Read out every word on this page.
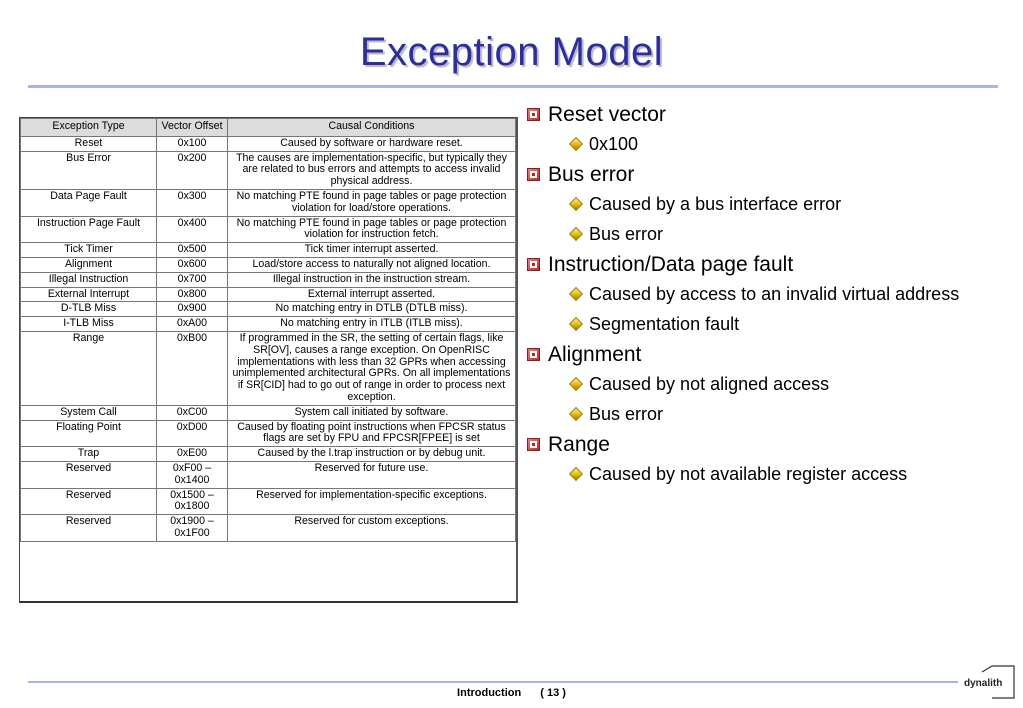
Exception Model
Exception Type	Vector Offset	Causal Conditions
Reset	0x100	Caused by software or hardware reset.
Bus Error	0x200	The causes are implementation-specific, but typically they are related to bus errors and attempts to access invalid physical address.
Data Page Fault	0x300	No matching PTE found in page tables or page protection violation for load/store operations.
Instruction Page Fault	0x400	No matching PTE found in page tables or page protection violation for instruction fetch.
Tick Timer	0x500	Tick timer interrupt asserted.
Alignment	0x600	Load/store access to naturally not aligned location.
Illegal Instruction	0x700	Illegal instruction in the instruction stream.
External Interrupt	0x800	External interrupt asserted.
D-TLB Miss	0x900	No matching entry in DTLB (DTLB miss).
I-TLB Miss	0xA00	No matching entry in ITLB (ITLB miss).
Range	0xB00	If programmed in the SR, the setting of certain flags, like SR[OV], causes a range exception. On OpenRISC implementations with less than 32 GPRs when accessing unimplemented architectural GPRs. On all implementations if SR[CID] had to go out of range in order to process next exception.
System Call	0xC00	System call initiated by software.
Floating Point	0xD00	Caused by floating point instructions when FPCSR status flags are set by FPU and FPCSR[FPEE] is set
Trap	0xE00	Caused by the l.trap instruction or by debug unit.
Reserved	0xF00 – 0x1400	Reserved for future use.
Reserved	0x1500 – 0x1800	Reserved for implementation-specific exceptions.
Reserved	0x1900 – 0x1F00	Reserved for custom exceptions.
Reset vector
0x100
Bus error
Caused by a bus interface error
Bus error
Instruction/Data page fault
Caused by access to an invalid virtual address
Segmentation fault
Alignment
Caused by not aligned access
Bus error
Range
Caused by not available register access
Introduction ( 13 )
dynalith
